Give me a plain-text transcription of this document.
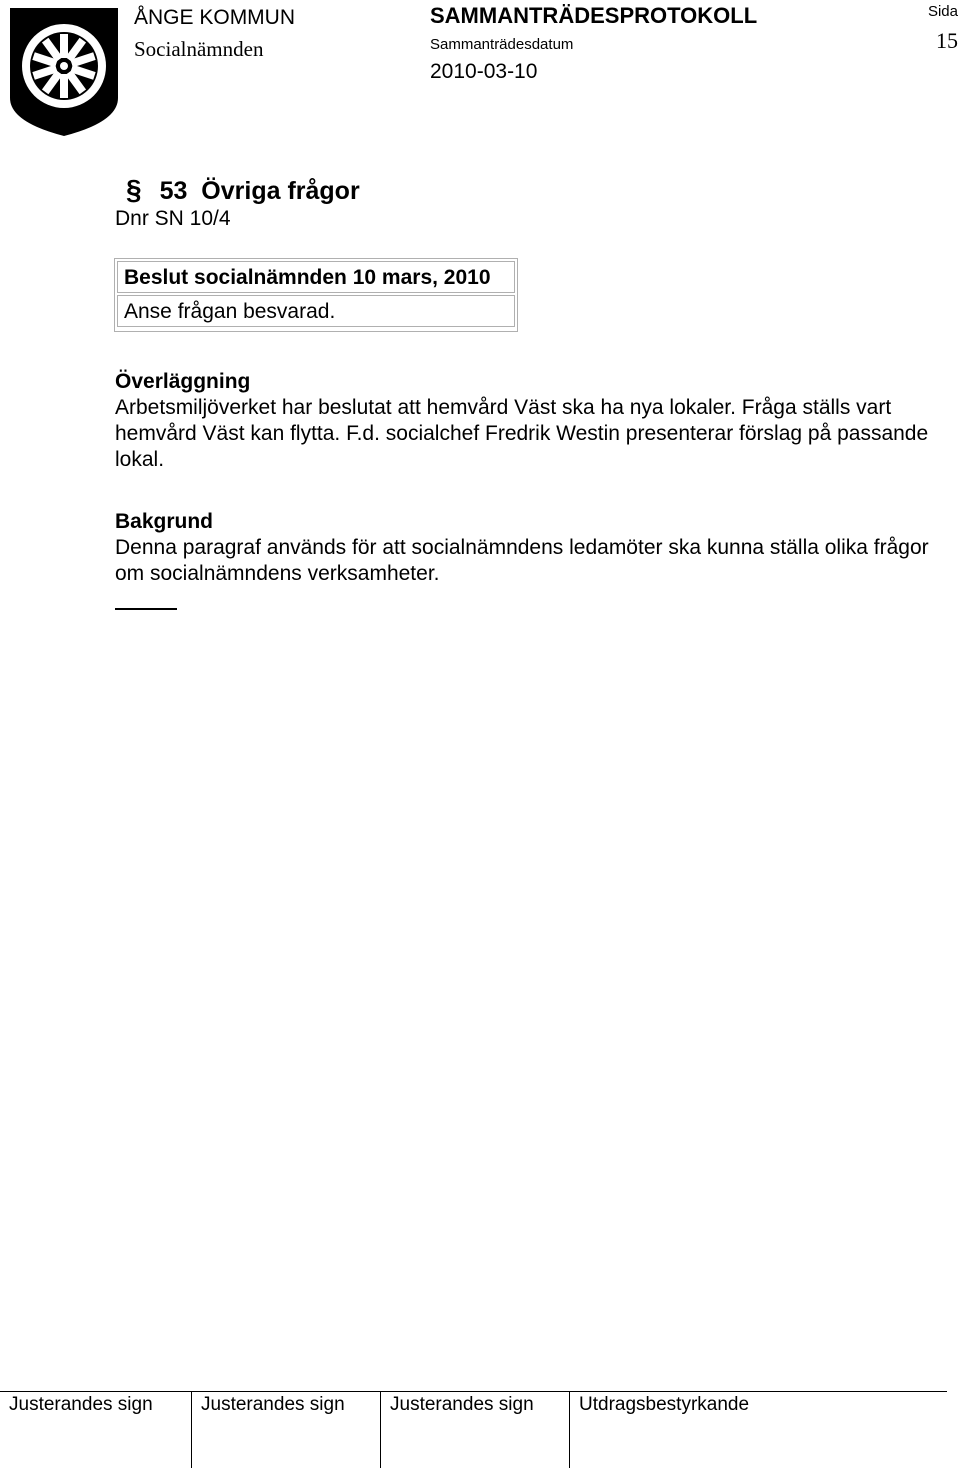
ÅNGE KOMMUN
Socialnämnden
SAMMANTRÄDESPROTOKOLL
Sammanträdesdatum
2010-03-10
Sida
15
§ 53 Övriga frågor
Dnr SN 10/4
Beslut socialnämnden 10 mars, 2010
Anse frågan besvarad.
Överläggning

Arbetsmiljöverket har beslutat att hemvård Väst ska ha nya lokaler. Fråga ställs vart hemvård Väst kan flytta. F.d. socialchef Fredrik Westin presenterar förslag på passande lokal.

Bakgrund

Denna paragraf används för att socialnämndens ledamöter ska kunna ställa olika frågor om socialnämndens verksamheter.

Justerandes sign	Justerandes sign	Justerandes sign	Utdragsbestyrkande
